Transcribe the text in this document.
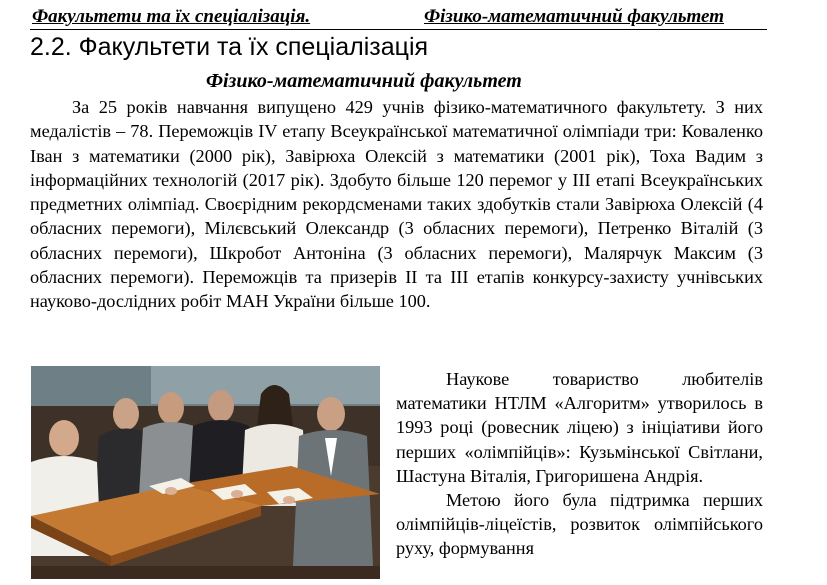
Факультети та їх спеціалізація.	Фізико-математичний факультет
2.2. Факультети та їх спеціалізація
Фізико-математичний факультет

За 25 років навчання випущено 429 учнів фізико-математичного факультету. З них медалістів – 78. Переможців IV етапу Всеукраїнської математичної олімпіади три: Коваленко Іван з математики (2000 рік), Завірюха Олексій з математики (2001 рік), Тоха Вадим з інформаційних технологій (2017 рік). Здобуто більше 120 перемог у ІІІ етапі Всеукраїнських предметних олімпіад. Своєрідним рекордсменами таких здобутків стали Завірюха Олексій (4 обласних перемоги), Мілєвський Олександр (3 обласних перемоги), Петренко Віталій (3 обласних перемоги), Шкробот Антоніна (3 обласних перемоги), Малярчук Максим (3 обласних перемоги). Переможців та призерів ІІ та ІІІ етапів конкурсу-захисту учнівських науково-дослідних робіт МАН України більше 100.

Наукове товариство любителів математики НТЛМ «Алгоритм» утворилось в 1993 році (ровесник ліцею) з ініціативи його перших «олімпійців»: Кузьмінської Світлани, Шастуна Віталія, Григоришена Андрія.

Метою його була підтримка перших олімпійців-ліцеїстів, розвиток олімпійського руху, формування
